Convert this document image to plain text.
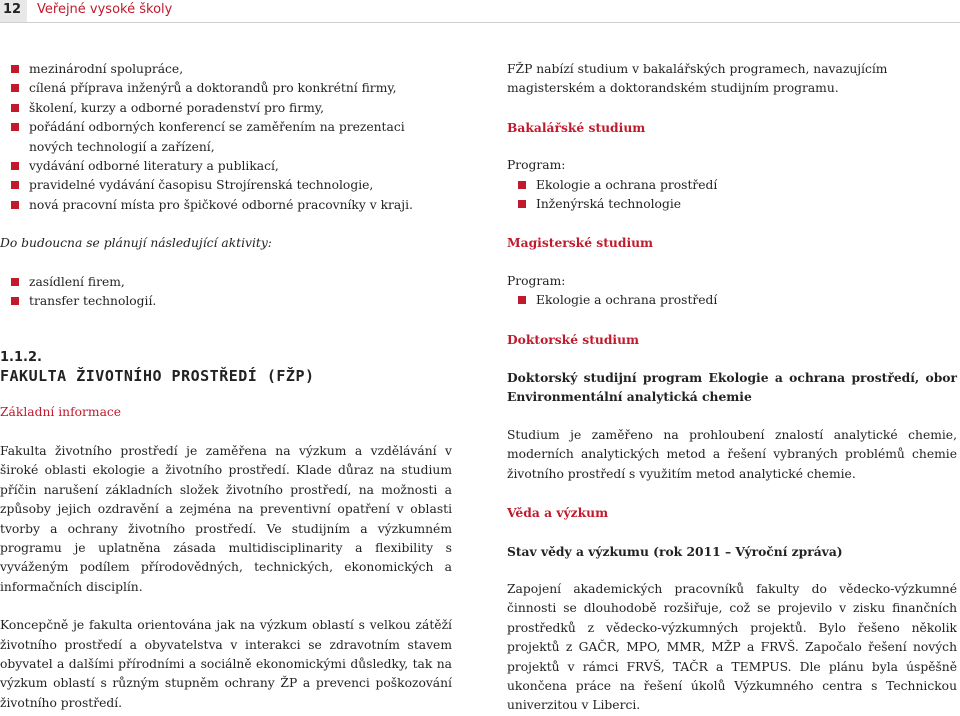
12	Veřejné vysoké školy
mezinárodní spolupráce,
cílená příprava inženýrů a doktorandů pro konkrétní firmy,
školení, kurzy a odborné poradenství pro firmy,
pořádání odborných konferencí se zaměřením na prezentaci nových technologií a zařízení,
vydávání odborné literatury a publikací,
pravidelné vydávání časopisu Strojírenská technologie,
nová pracovní místa pro špičkové odborné pracovníky v kraji.

Do budoucna se plánují následující aktivity:

zasídlení firem,
transfer technologií.
1.1.2.
FAKULTA ŽIVOTNÍHO PROSTŘEDÍ (FŽP)

Základní informace

Fakulta životního prostředí je zaměřena na výzkum a vzdělávání v široké oblasti ekologie a životního prostředí. Klade důraz na studium příčin narušení základních složek životního prostředí, na možnosti a způsoby jejich ozdravění a zejména na preventivní opatření v oblasti tvorby a ochrany životního prostředí. Ve studijním a výzkumném programu je uplatněna zásada multidisciplinarity a flexibility s vyváženým podílem přírodovědných, technických, ekonomických a informačních disciplín.

Koncepčně je fakulta orientována jak na výzkum oblastí s velkou zátěží životního prostředí a obyvatelstva v interakci se zdravotním stavem obyvatel a dalšími přírodními a sociálně ekonomickými důsledky, tak na výzkum oblastí s různým stupněm ochrany ŽP a prevenci poškozování životního prostředí.

FŽP nabízí studium v bakalářských programech, navazujícím magisterském a doktorandském studijním programu.

Bakalářské studium

Program:

Ekologie a ochrana prostředí
Inženýrská technologie

Magisterské studium

Program:

Ekologie a ochrana prostředí

Doktorské studium

Doktorský studijní program Ekologie a ochrana prostředí, obor Environmentální analytická chemie

Studium je zaměřeno na prohloubení znalostí analytické chemie, moderních analytických metod a řešení vybraných problémů chemie životního prostředí s využitím metod analytické chemie.

Věda a výzkum

Stav vědy a výzkumu (rok 2011 – Výroční zpráva)

Zapojení akademických pracovníků fakulty do vědecko-výzkumné činnosti se dlouhodobě rozšiřuje, což se projevilo v zisku finančních prostředků z vědecko-výzkumných projektů. Bylo řešeno několik projektů z GAČR, MPO, MMR, MŽP a FRVŠ. Započalo řešení nových projektů v rámci FRVŠ, TAČR a TEMPUS. Dle plánu byla úspěšně ukončena práce na řešení úkolů Výzkumného centra s Technickou univerzitou v Liberci.
